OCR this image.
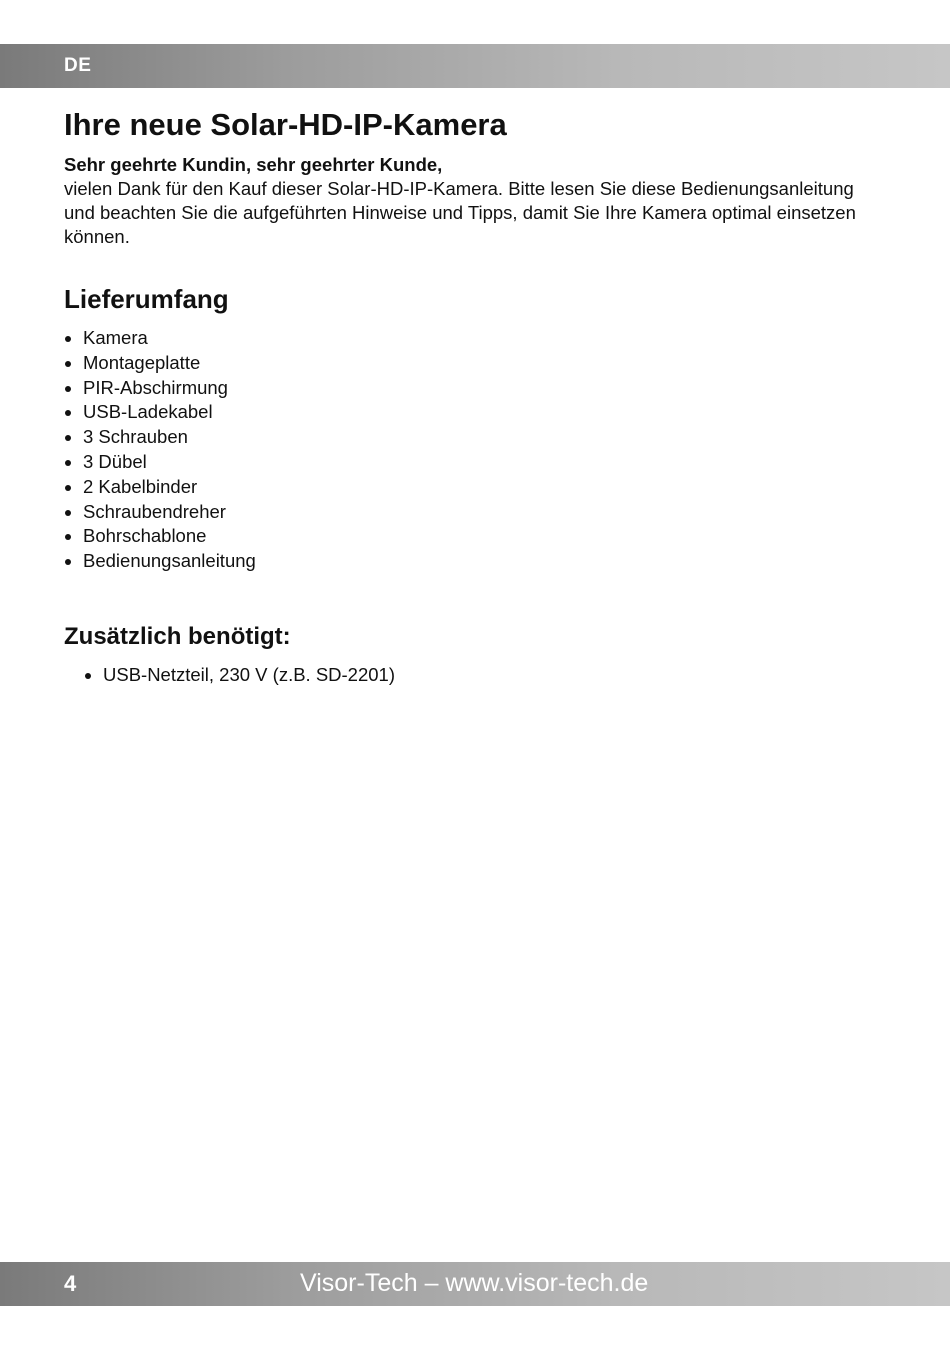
DE
Ihre neue Solar-HD-IP-Kamera

Sehr geehrte Kundin, sehr geehrter Kunde,

vielen Dank für den Kauf dieser Solar-HD-IP-Kamera. Bitte lesen Sie diese Bedienungsanleitung und beachten Sie die aufgeführten Hinweise und Tipps, damit Sie Ihre Kamera optimal einsetzen können.

Lieferumfang
Kamera
Montageplatte
PIR-Abschirmung
USB-Ladekabel
3 Schrauben
3 Dübel
2 Kabelbinder
Schraubendreher
Bohrschablone
Bedienungsanleitung
Zusätzlich benötigt:
USB-Netzteil, 230 V (z.B. SD-2201)
4	Visor-Tech – www.visor-tech.de
